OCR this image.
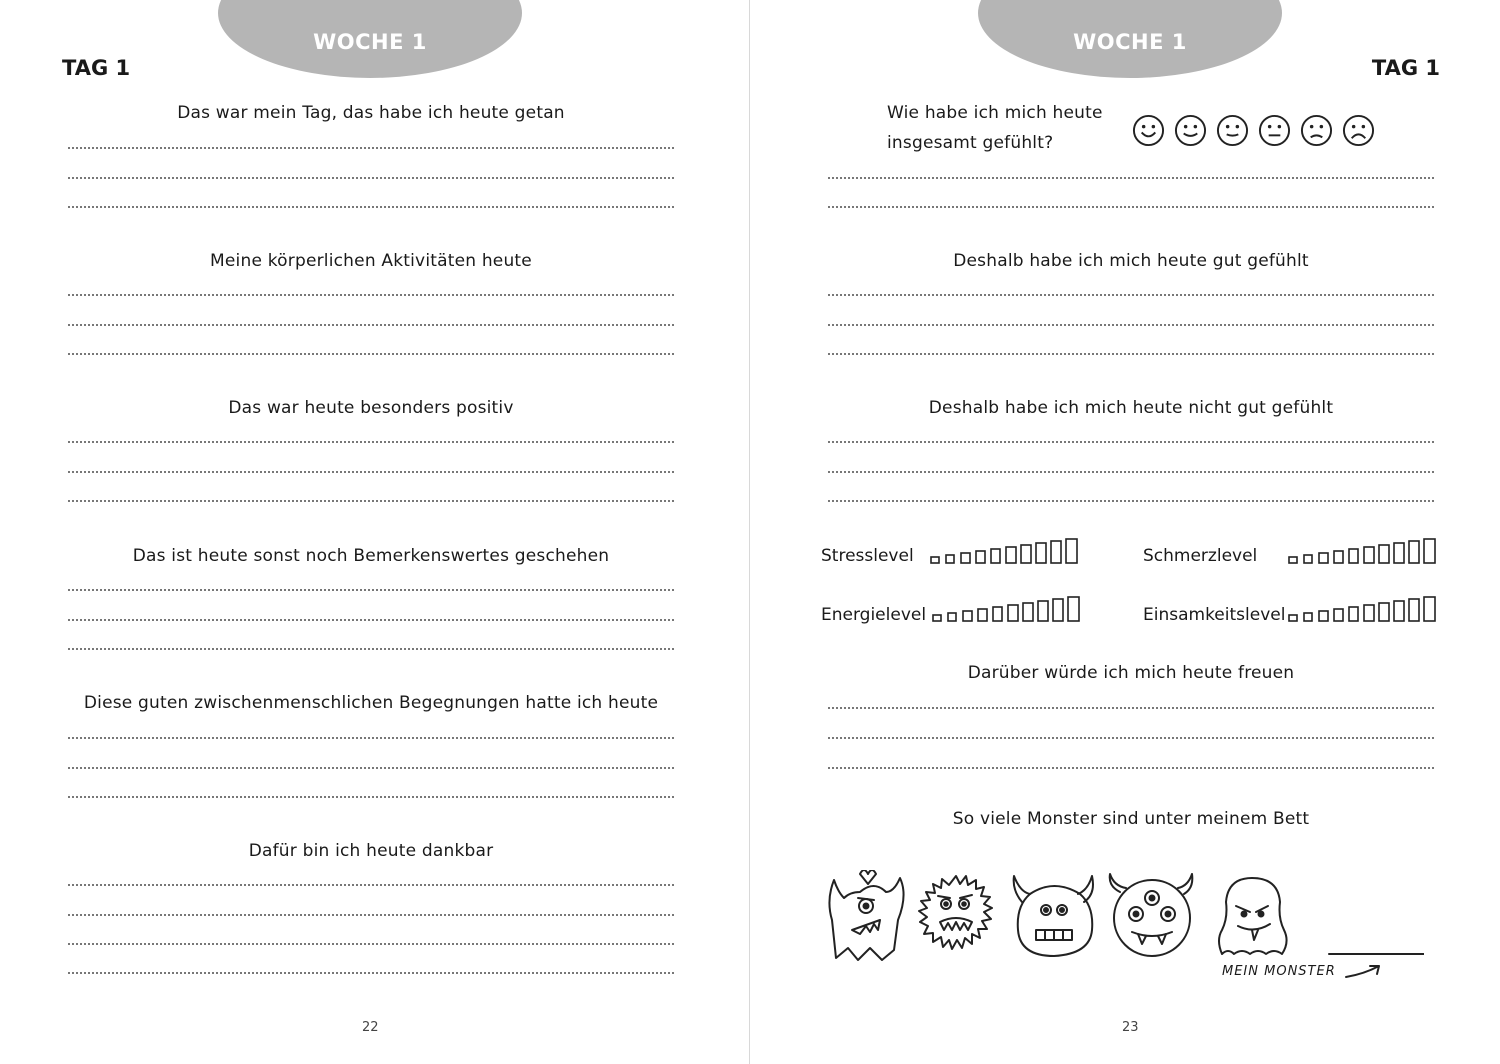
WOCHE 1
TAG 1
Das war mein Tag, das habe ich heute getan
Meine körperlichen Aktivitäten heute
Das war heute besonders positiv
Das ist heute sonst noch Bemerkenswertes geschehen
Diese guten zwischenmenschlichen Begegnungen hatte ich heute
Dafür bin ich heute dankbar
22
WOCHE 1
TAG 1
Wie habe ich mich heute
insgesamt gefühlt?
Deshalb habe ich mich heute gut gefühlt
Deshalb habe ich mich heute nicht gut gefühlt
Stresslevel	Schmerzlevel
Energielevel	Einsamkeitslevel
Darüber würde ich mich heute freuen
So viele Monster sind unter meinem Bett
MEIN MONSTER
23
